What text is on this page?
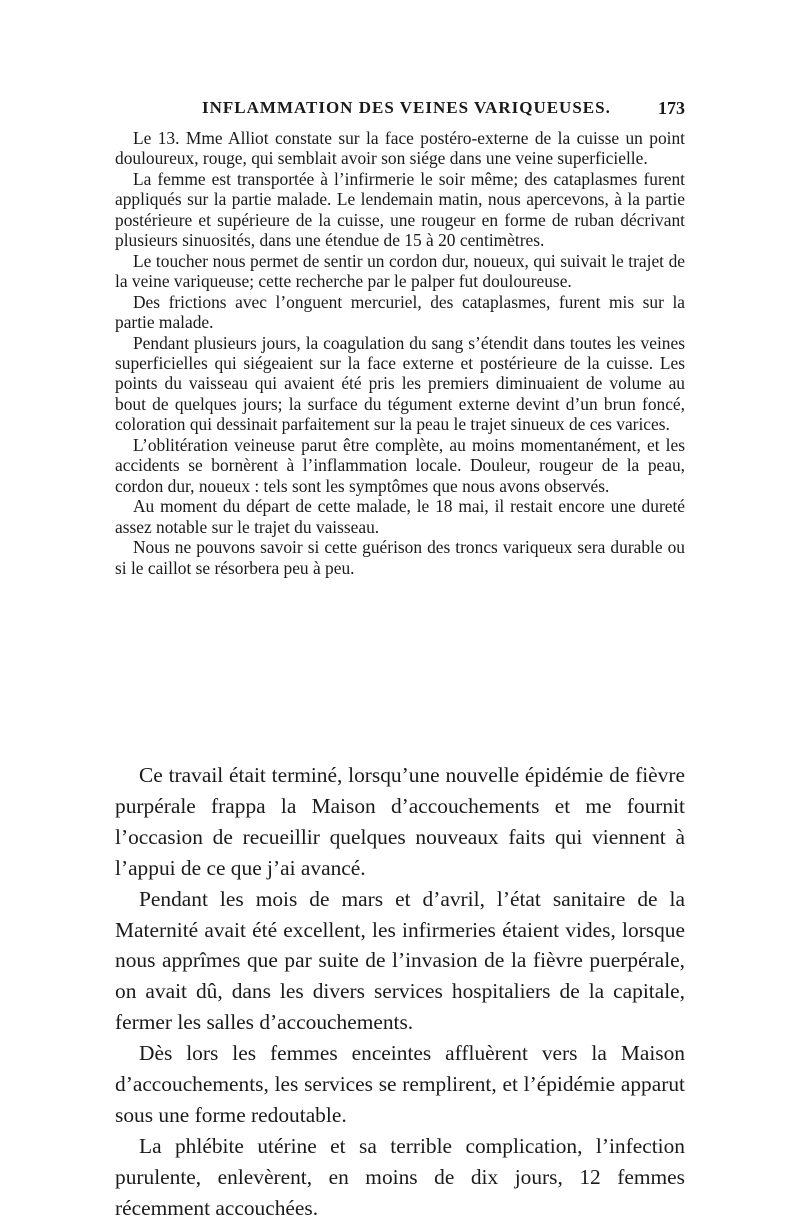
INFLAMMATION DES VEINES VARIQUEUSES.	173

Le 13. Mme Alliot constate sur la face postéro-externe de la cuisse un point douloureux, rouge, qui semblait avoir son siége dans une veine superficielle.

La femme est transportée à l’infirmerie le soir même; des cataplasmes furent appliqués sur la partie malade. Le lendemain matin, nous apercevons, à la partie postérieure et supérieure de la cuisse, une rougeur en forme de ruban décrivant plusieurs sinuosités, dans une étendue de 15 à 20 centimètres.

Le toucher nous permet de sentir un cordon dur, noueux, qui suivait le trajet de la veine variqueuse; cette recherche par le palper fut douloureuse.

Des frictions avec l’onguent mercuriel, des cataplasmes, furent mis sur la partie malade.

Pendant plusieurs jours, la coagulation du sang s’étendit dans toutes les veines superficielles qui siégeaient sur la face externe et postérieure de la cuisse. Les points du vaisseau qui avaient été pris les premiers diminuaient de volume au bout de quelques jours; la surface du tégument externe devint d’un brun foncé, coloration qui dessinait parfaitement sur la peau le trajet sinueux de ces varices.

L’oblitération veineuse parut être complète, au moins momentanément, et les accidents se bornèrent à l’inflammation locale. Douleur, rougeur de la peau, cordon dur, noueux : tels sont les symptômes que nous avons observés.

Au moment du départ de cette malade, le 18 mai, il restait encore une dureté assez notable sur le trajet du vaisseau.

Nous ne pouvons savoir si cette guérison des troncs variqueux sera durable ou si le caillot se résorbera peu à peu.

Ce travail était terminé, lorsqu’une nouvelle épidémie de fièvre purpérale frappa la Maison d’accouchements et me fournit l’occasion de recueillir quelques nouveaux faits qui viennent à l’appui de ce que j’ai avancé.

Pendant les mois de mars et d’avril, l’état sanitaire de la Maternité avait été excellent, les infirmeries étaient vides, lorsque nous apprîmes que par suite de l’invasion de la fièvre puerpérale, on avait dû, dans les divers services hospitaliers de la capitale, fermer les salles d’accouchements.

Dès lors les femmes enceintes affluèrent vers la Maison d’accouchements, les services se remplirent, et l’épidémie apparut sous une forme redoutable.

La phlébite utérine et sa terrible complication, l’infection purulente, enlevèrent, en moins de dix jours, 12 femmes récemment accouchées.
